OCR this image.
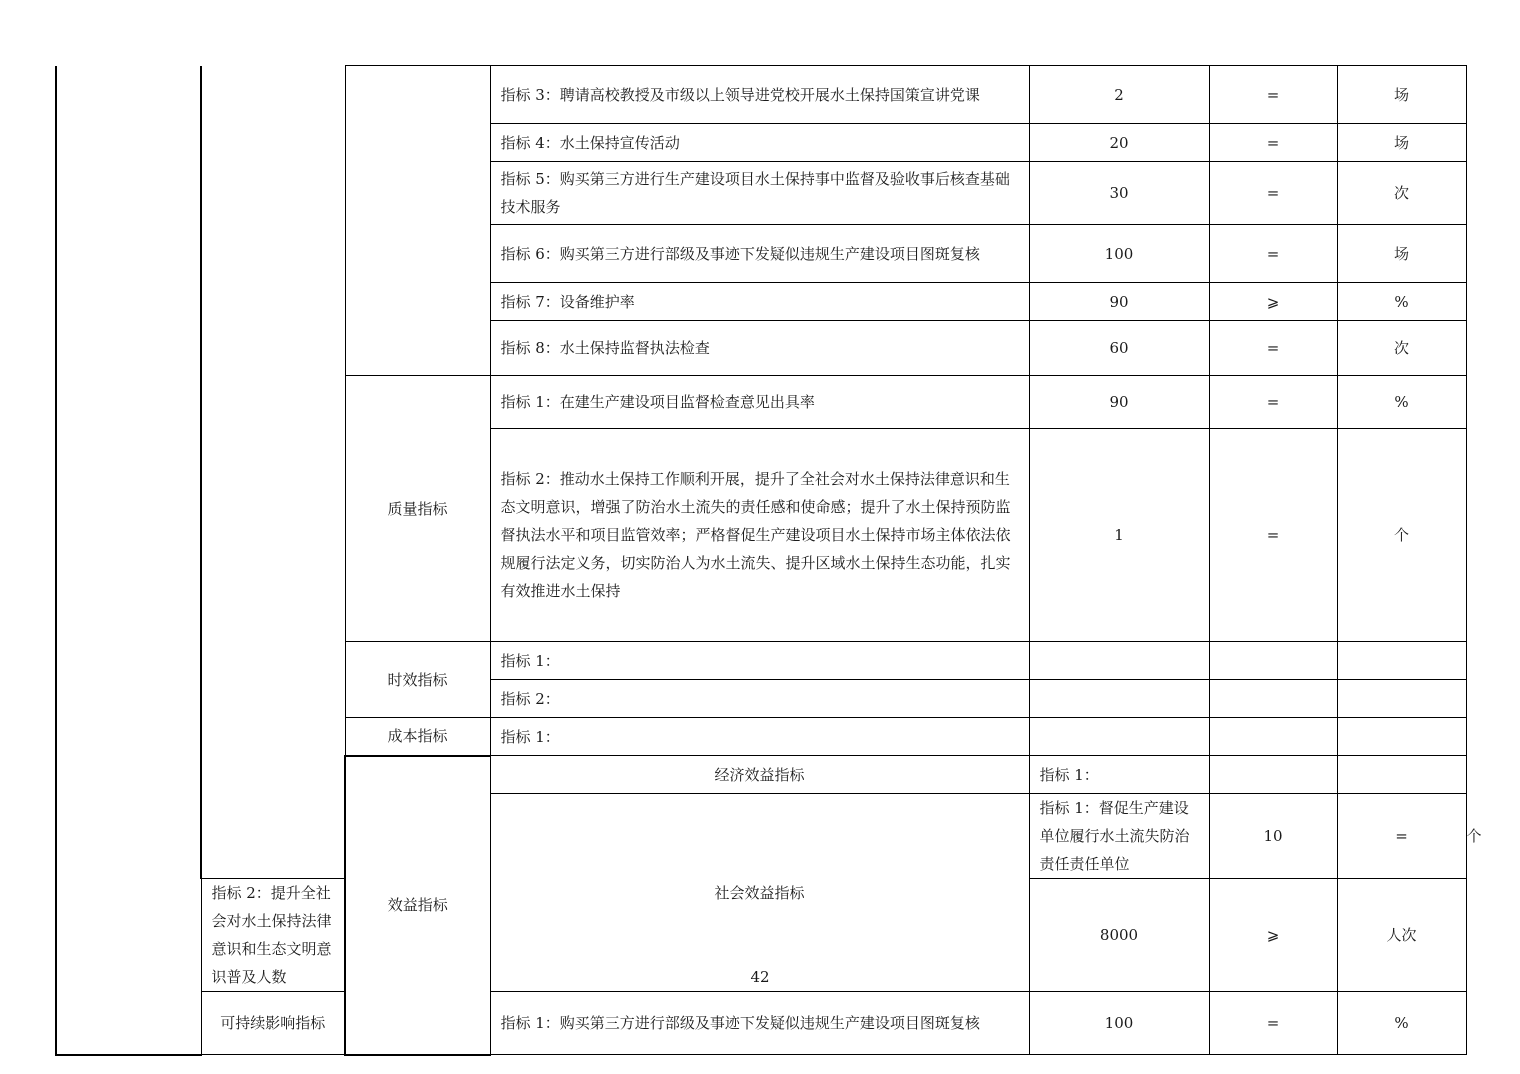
			指标 3：聘请高校教授及市级以上领导进党校开展水土保持国策宣讲党课	2	=	场	
			指标 4：水土保持宣传活动	20	=	场	
			指标 5：购买第三方进行生产建设项目水土保持事中监督及验收事后核查基础技术服务	30	=	次	
			指标 6：购买第三方进行部级及事迹下发疑似违规生产建设项目图斑复核	100	=	场	
			指标 7：设备维护率	90	⩾	%	
			指标 8：水土保持监督执法检查	60	=	次	
		质量指标	指标 1：在建生产建设项目监督检查意见出具率	90	=	%	
			指标 2：推动水土保持工作顺利开展，提升了全社会对水土保持法律意识和生态文明意识，增强了防治水土流失的责任感和使命感；提升了水土保持预防监督执法水平和项目监管效率；严格督促生产建设项目水土保持市场主体依法依规履行法定义务，切实防治人为水土流失、提升区域水土保持生态功能，扎实有效推进水土保持	1	=	个	
		时效指标	指标 1：				
			指标 2：				
		成本指标	指标 1：				
		效益指标	经济效益指标	指标 1：			
			社会效益指标	指标 1：督促生产建设单位履行水土流失防治责任责任单位	10	=	个
	指标 2：提升全社会对水土保持法律意识和生态文明意识普及人数			8000	⩾	人次	
	可持续影响指标		指标 1：购买第三方进行部级及事迹下发疑似违规生产建设项目图斑复核	100	=	%	
42
